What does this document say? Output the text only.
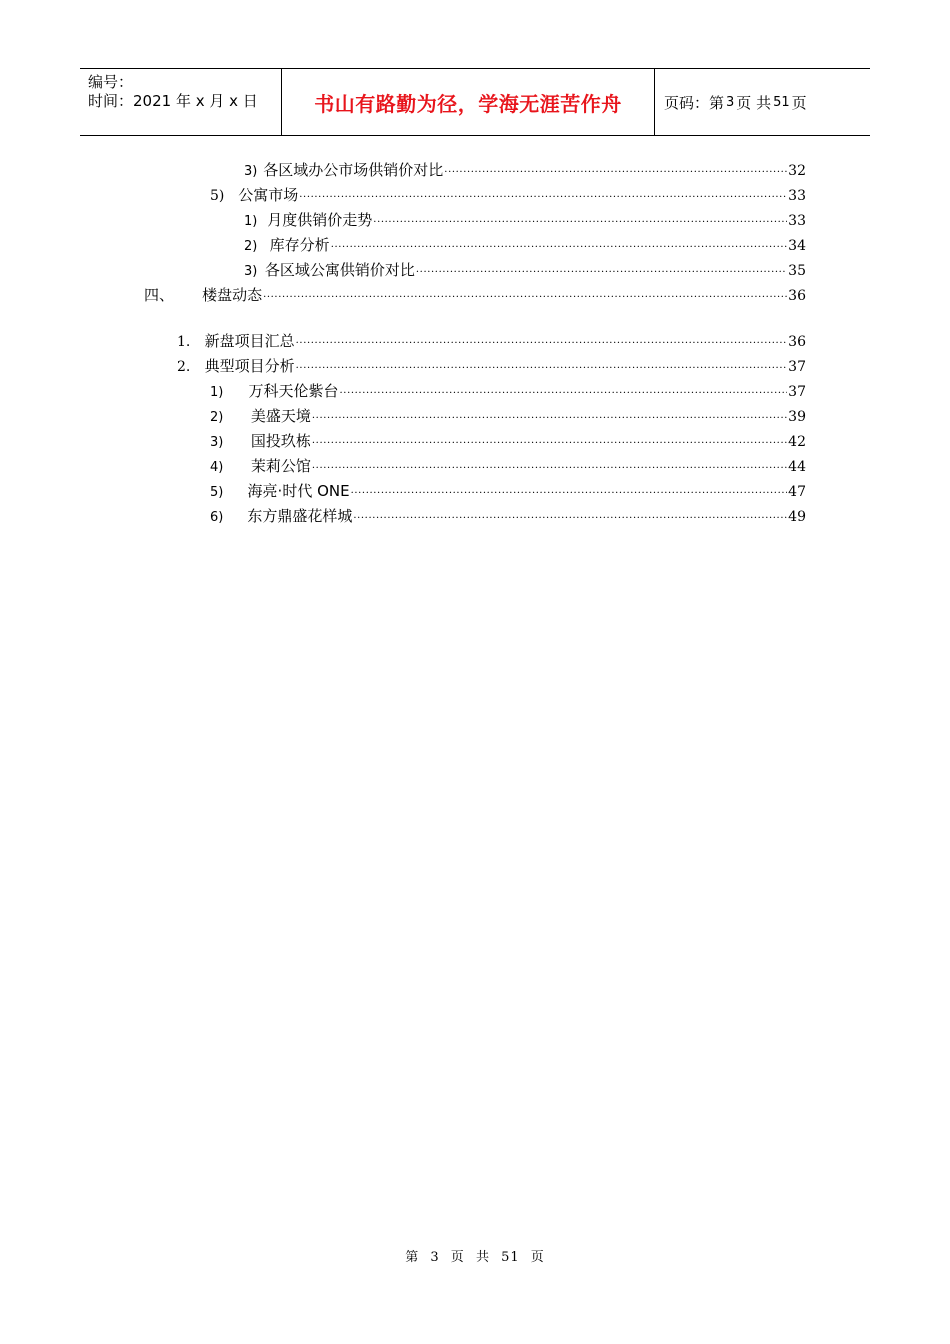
编号：
时间：2021 年 x 月 x 日	书山有路勤为径，学海无涯苦作舟	页码：第 3 页 共 51 页
3) 各区域办公市场供销价对比 ·····	32
5) 公寓市场 ·····	33
1) 月度供销价走势 ·····	33
2) 库存分析 ·····	34
3) 各区域公寓供销价对比 ·····	35
四、	楼盘动态 ·····	36
1. 新盘项目汇总 ·····	36
2. 典型项目分析 ·····	37
1)	万科天伦紫台 ·····	37
2)	美盛天境 ·····	39
3)	国投玖栋 ·····	42
4)	茉莉公馆 ·····	44
5)	海亮·时代 ONE ·····	47
6)	东方鼎盛花样城 ·····	49
第 3 页 共 51 页
